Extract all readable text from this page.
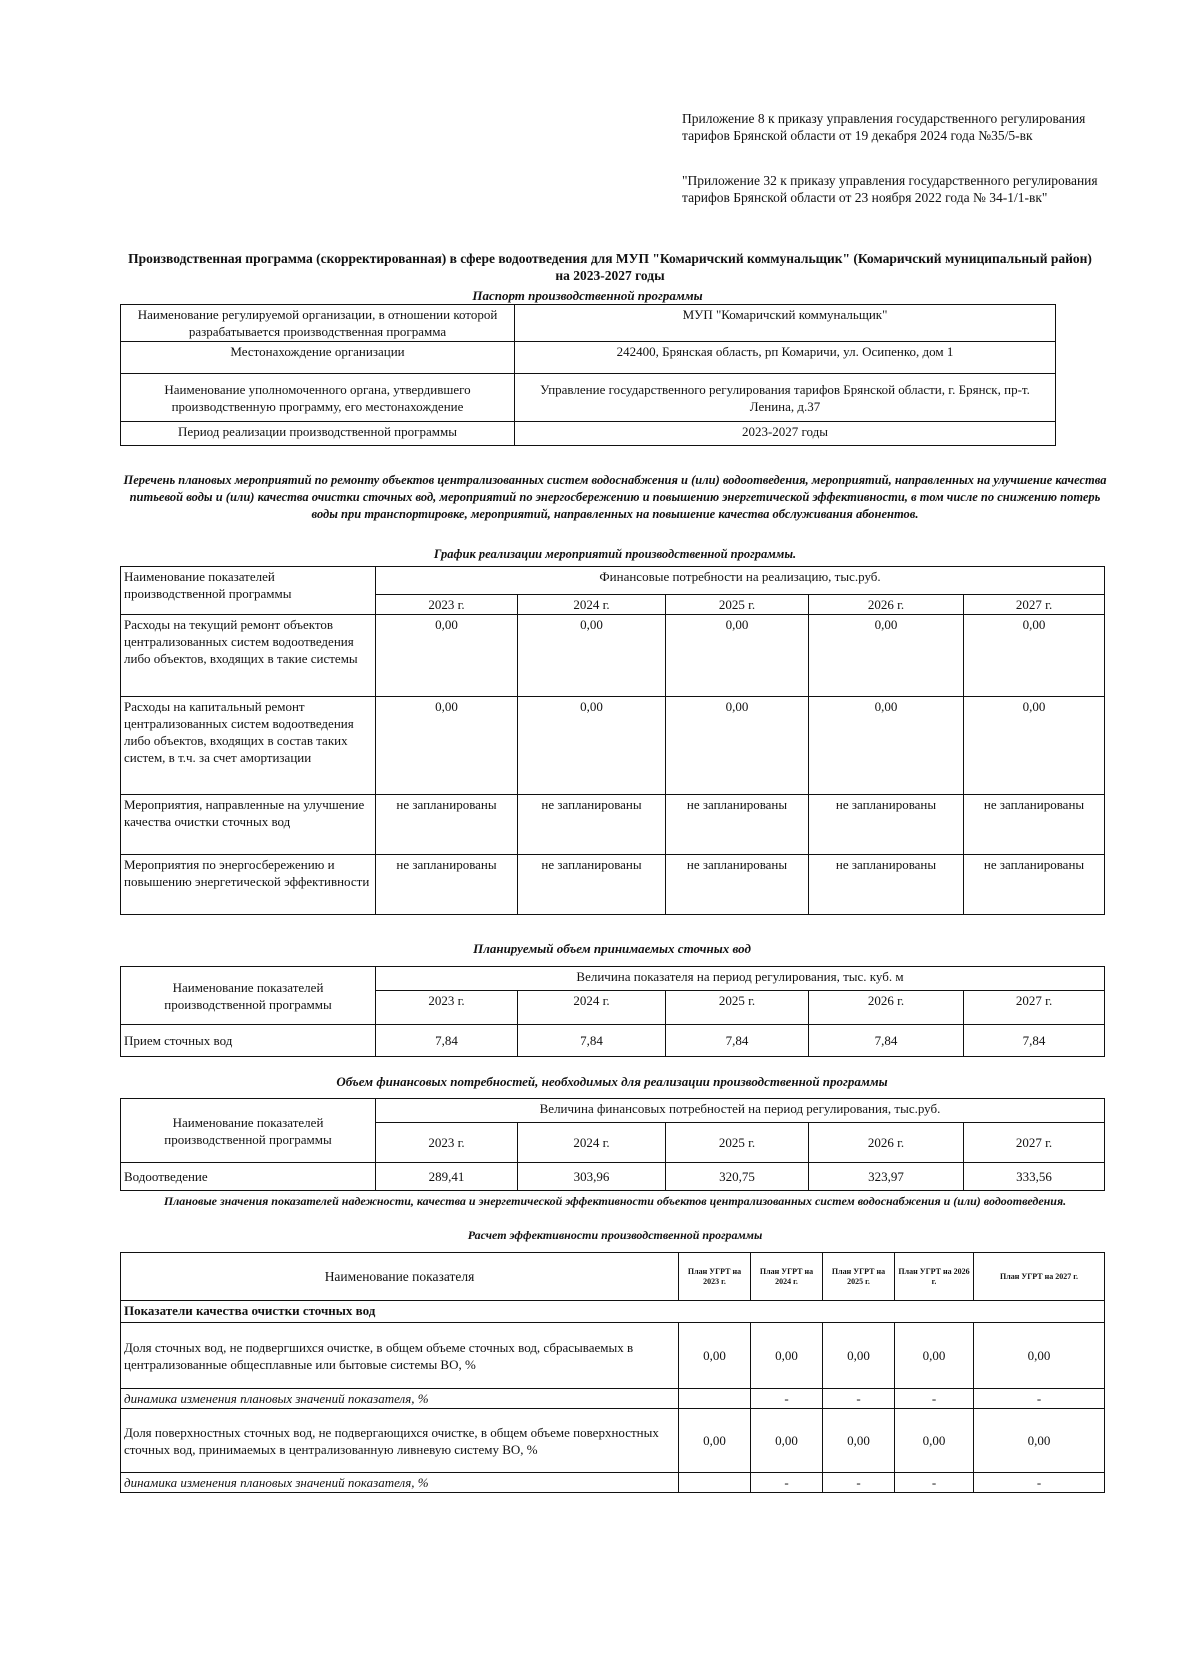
Приложение 8 к приказу управления государственного регулирования тарифов Брянской области от 19 декабря 2024 года №35/5-вк
"Приложение 32 к приказу управления государственного регулирования тарифов Брянской области от 23 ноября 2022 года № 34-1/1-вк"
Производственная программа (скорректированная) в сфере водоотведения для МУП "Комаричский коммунальщик" (Комаричский муниципальный район) на 2023-2027 годы
Паспорт производственной программы
Наименование регулируемой организации, в отношении которой разрабатывается производственная программа	МУП "Комаричский коммунальщик"
Местонахождение организации	242400, Брянская область, рп Комаричи, ул. Осипенко, дом 1
Наименование уполномоченного органа, утвердившего производственную программу, его местонахождение	Управление государственного регулирования тарифов Брянской области, г. Брянск, пр-т. Ленина, д.37
Период реализации производственной программы	2023-2027 годы
Перечень плановых мероприятий по ремонту объектов централизованных систем водоснабжения и (или) водоотведения, мероприятий, направленных на улучшение качества питьевой воды и (или) качества очистки сточных вод, мероприятий по энергосбережению и повышению энергетической эффективности, в том числе по снижению потерь воды при транспортировке, мероприятий, направленных на повышение качества обслуживания абонентов.
График реализации мероприятий производственной программы.
Наименование показателей производственной программы	Финансовые потребности на реализацию, тыс.руб.				
	2023 г.	2024 г.	2025 г.	2026 г.	2027 г.
Расходы на текущий ремонт объектов централизованных систем водоотведения либо объектов, входящих в такие системы	0,00	0,00	0,00	0,00	0,00
Расходы на капитальный ремонт централизованных систем водоотведения либо объектов, входящих в состав таких систем, в т.ч. за счет амортизации	0,00	0,00	0,00	0,00	0,00
Мероприятия, направленные на улучшение качества очистки сточных вод	не запланированы	не запланированы	не запланированы	не запланированы	не запланированы
Мероприятия по энергосбережению и повышению энергетической эффективности	не запланированы	не запланированы	не запланированы	не запланированы	не запланированы
Планируемый объем принимаемых сточных вод
Наименование показателей производственной программы	Величина показателя на период регулирования, тыс. куб. м				
	2023 г.	2024 г.	2025 г.	2026 г.	2027 г.
Прием сточных вод	7,84	7,84	7,84	7,84	7,84
Объем финансовых потребностей, необходимых для реализации производственной программы
Наименование показателей производственной программы	Величина финансовых потребностей на период регулирования, тыс.руб.				
	2023 г.	2024 г.	2025 г.	2026 г.	2027 г.
Водоотведение	289,41	303,96	320,75	323,97	333,56
Плановые значения показателей надежности, качества и энергетической эффективности объектов централизованных систем водоснабжения и (или) водоотведения.
Расчет эффективности производственной программы
Наименование показателя	План УГРТ на 2023 г.	План УГРТ на 2024 г.	План УГРТ на 2025 г.	План УГРТ на 2026 г.	План УГРТ на 2027 г.
Показатели качества очистки сточных вод					
Доля сточных вод, не подвергшихся очистке, в общем объеме сточных вод, сбрасываемых в централизованные общесплавные или бытовые системы ВО, %	0,00	0,00	0,00	0,00	0,00
динамика изменения плановых значений показателя, %		-	-	-	-
Доля поверхностных сточных вод, не подвергающихся очистке, в общем объеме поверхностных сточных вод, принимаемых в централизованную ливневую систему ВО, %	0,00	0,00	0,00	0,00	0,00
динамика изменения плановых значений показателя, %		-	-	-	-
